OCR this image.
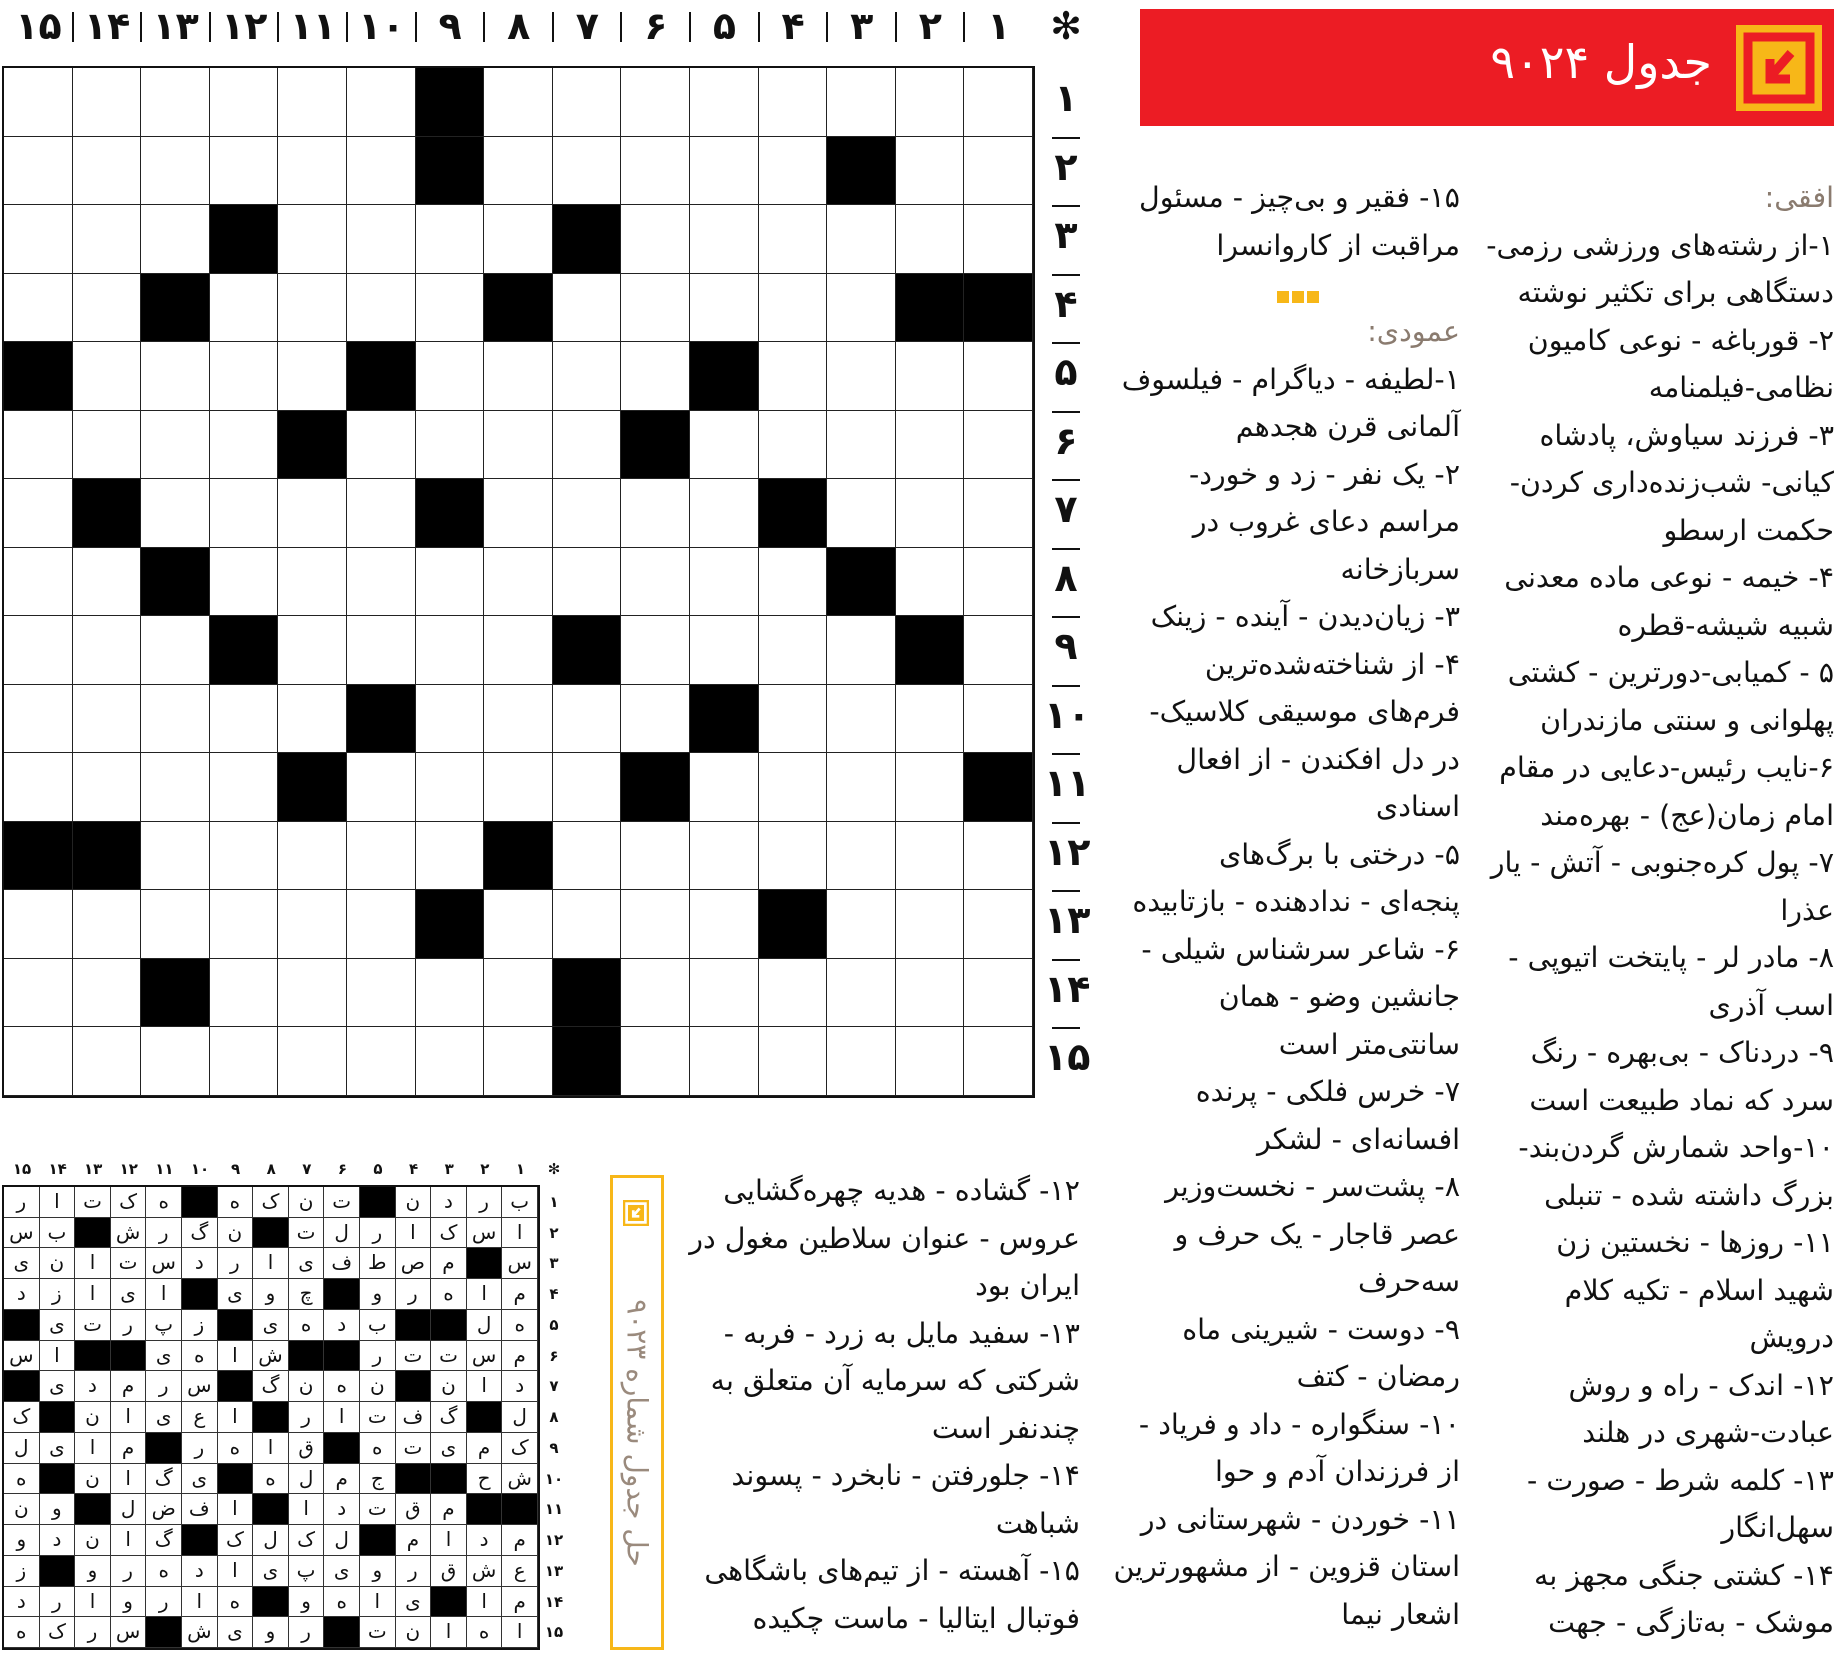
جدول ۹۰۲۴
۱
۲
۳
۴
۵
۶
۷
۸
۹
۱۰
۱۱
۱۲
۱۳
۱۴
۱۵	✻
۱
۲
۳
۴
۵
۶
۷
۸
۹
۱۰
۱۱
۱۲
۱۳
۱۴
۱۵
افقی:
۱-از رشته‌های ورزشی رزمی-
دستگاهی برای تکثیر نوشته
۲- قورباغه - نوعی کامیون
نظامی-فیلمنامه
۳- فرزند سیاوش، پادشاه
کیانی- شب‌زنده‌داری کردن-
حکمت ارسطو
۴- خیمه - نوعی ماده معدنی
شبیه شیشه-قطره
۵ - کمیابی-دورترین - کشتی
پهلوانی و سنتی مازندران
۶-نایب رئیس-دعایی در مقام
امام زمان(عج) - بهره‌مند
۷- پول کره‌جنوبی - آتش - یار
عذرا
۸- مادر لر - پایتخت اتیوپی -
اسب آذری
۹- دردناک - بی‌بهره - رنگ
سرد که نماد طبیعت است
۱۰-واحد شمارش گردن‌بند-
بزرگ داشته شده - تنبلی
۱۱- روزها - نخستین زن
شهید اسلام - تکیه کلام
درویش
۱۲- اندک - راه و روش
عبادت-شهری در هلند
۱۳- کلمه شرط - صورت -
سهل‌انگار
۱۴- کشتی جنگی مجهز به
موشک - به‌تازگی - جهت
۱۵- فقیر و بی‌چیز - مسئول
مراقبت از کاروانسرا
عمودی:
۱-لطیفه - دیاگرام - فیلسوف
آلمانی قرن هجدهم
۲- یک نفر - زد و خورد-
مراسم دعای غروب در
سربازخانه
۳- زیان‌دیدن - آینده - زینک
۴- از شناخته‌شده‌ترین
فرم‌های موسیقی کلاسیک-
در دل افکندن - از افعال
اسنادی
۵- درختی با برگ‌های
پنجه‌ای - ندادهنده - بازتابیده
۶- شاعر سرشناس شیلی -
جانشین وضو - همان
سانتی‌متر است
۷- خرس فلکی - پرنده
افسانه‌ای - لشکر
۸- پشت‌سر - نخست‌وزیر
عصر قاجار - یک حرف و
سه‌حرف
۹- دوست - شیرینی ماه
رمضان - کتف
۱۰- سنگواره - داد و فریاد -
از فرزندان آدم و حوا
۱۱- خوردن - شهرستانی در
استان قزوین - از مشهورترین
اشعار نیما
۱۲- گشاده - هدیه چهره‌گشایی
عروس - عنوان سلاطین مغول در
ایران بود
۱۳- سفید مایل به زرد - فربه -
شرکتی که سرمایه آن متعلق به
چندنفر است
۱۴- جلورفتن - نابخرد - پسوند
شباهت
۱۵- آهسته - از تیم‌های باشگاهی
فوتبال ایتالیا - ماست چکیده
۱
۲
۳
۴
۵
۶
۷
۸
۹
۱۰
۱۱
۱۲
۱۳
۱۴
۱۵	✻
ب
ر
د
ن
ت
ن
ک
ه
ه
ک
ت
ا
ر
ا
س
ک
ا
ر
ل
ت
ن
گ
ر
ش
ب
س
س
م
ص
ط
ف
ی
ا
ر
د
س
ت
ا
ن
ی
م
ا
ه
ر
و
چ
و
ی
ا
ی
ا
ز
د
ه
ل
ب
د
ه
ی
ز
پ
ر
ت
ی
م
س
ت
ت
ر
ش
ا
ه
ی
ا
س
د
ا
ن
ن
ه
ن
گ
س
ر
م
د
ی
ل
گ
ف
ت
ا
ر
ا
ع
ی
ا
ن
ک
ک
م
ی
ت
ه
ق
ا
ه
ر
م
ا
ی
ل
ش
ح
ج
م
ل
ه
ی
گ
ا
ن
ه
م
ق
ت
د
ا
ا
ف
ض
ل
و
ن
م
د
ا
م
ل
ک
ل
ک
گ
ا
ن
د
و
ع
ش
ق
ر
و
ی
پ
ی
ا
د
ه
ر
و
ز
م
ا
ی
ا
ه
و
ه
ا
ر
و
ا
ر
د
ا
ه
ا
ن
ت
ر
و
ی
ش
س
ر
ک
ه
۱
۲
۳
۴
۵
۶
۷
۸
۹
۱۰
۱۱
۱۲
۱۳
۱۴
۱۵
حل جدول شماره ۹۰۲۳
